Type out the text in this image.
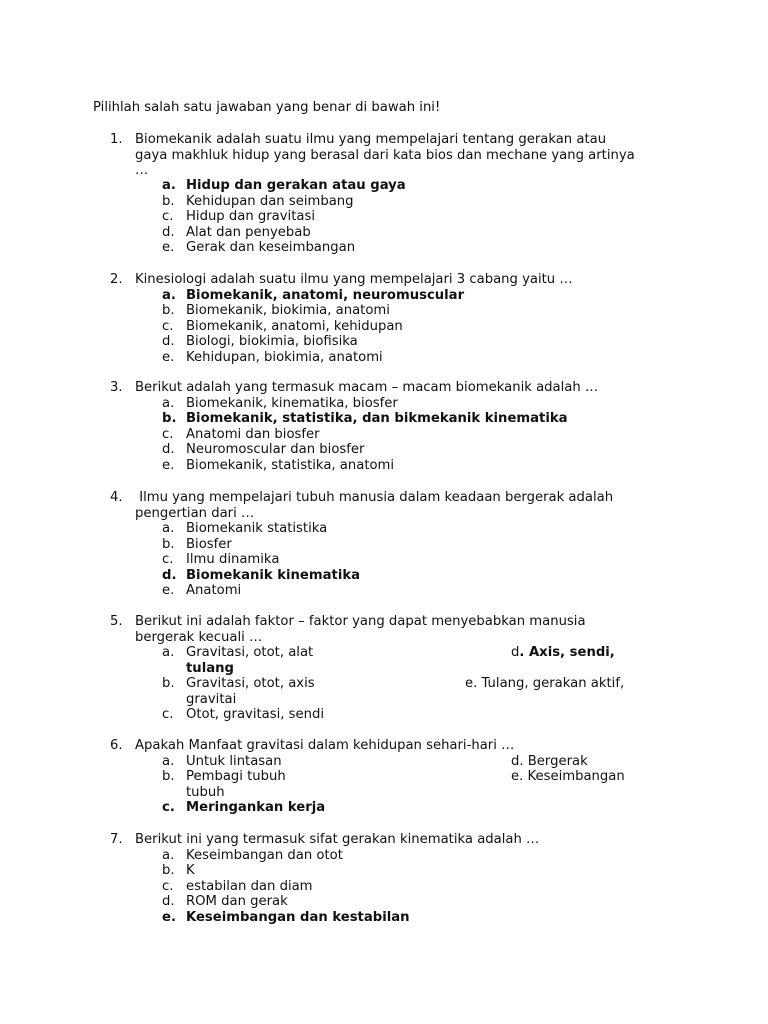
Pilihlah salah satu jawaban yang benar di bawah ini!
1. Biomekanik adalah suatu ilmu yang mempelajari tentang gerakan atau
gaya makhluk hidup yang berasal dari kata bios dan mechane yang artinya
…
a. Hidup dan gerakan atau gaya
b. Kehidupan dan seimbang
c. Hidup dan gravitasi
d. Alat dan penyebab
e. Gerak dan keseimbangan
2. Kinesiologi adalah suatu ilmu yang mempelajari 3 cabang yaitu …
a. Biomekanik, anatomi, neuromuscular
b. Biomekanik, biokimia, anatomi
c. Biomekanik, anatomi, kehidupan
d. Biologi, biokimia, biofisika
e. Kehidupan, biokimia, anatomi
3. Berikut adalah yang termasuk macam – macam biomekanik adalah …
a. Biomekanik, kinematika, biosfer
b. Biomekanik, statistika, dan bikmekanik kinematika
c. Anatomi dan biosfer
d. Neuromoscular dan biosfer
e. Biomekanik, statistika, anatomi
4. Ilmu yang mempelajari tubuh manusia dalam keadaan bergerak adalah
pengertian dari …
a. Biomekanik statistika
b. Biosfer
c. Ilmu dinamika
d. Biomekanik kinematika
e. Anatomi
5. Berikut ini adalah faktor – faktor yang dapat menyebabkan manusia
bergerak kecuali …
a. Gravitasi, otot, alat	d. Axis, sendi,
tulang
b. Gravitasi, otot, axis	e. Tulang, gerakan aktif,
gravitai
c. Otot, gravitasi, sendi
6. Apakah Manfaat gravitasi dalam kehidupan sehari-hari …
a. Untuk lintasan	d. Bergerak
b. Pembagi tubuh	e. Keseimbangan
tubuh
c. Meringankan kerja
7. Berikut ini yang termasuk sifat gerakan kinematika adalah …
a. Keseimbangan dan otot
b. K
c. estabilan dan diam
d. ROM dan gerak
e. Keseimbangan dan kestabilan
